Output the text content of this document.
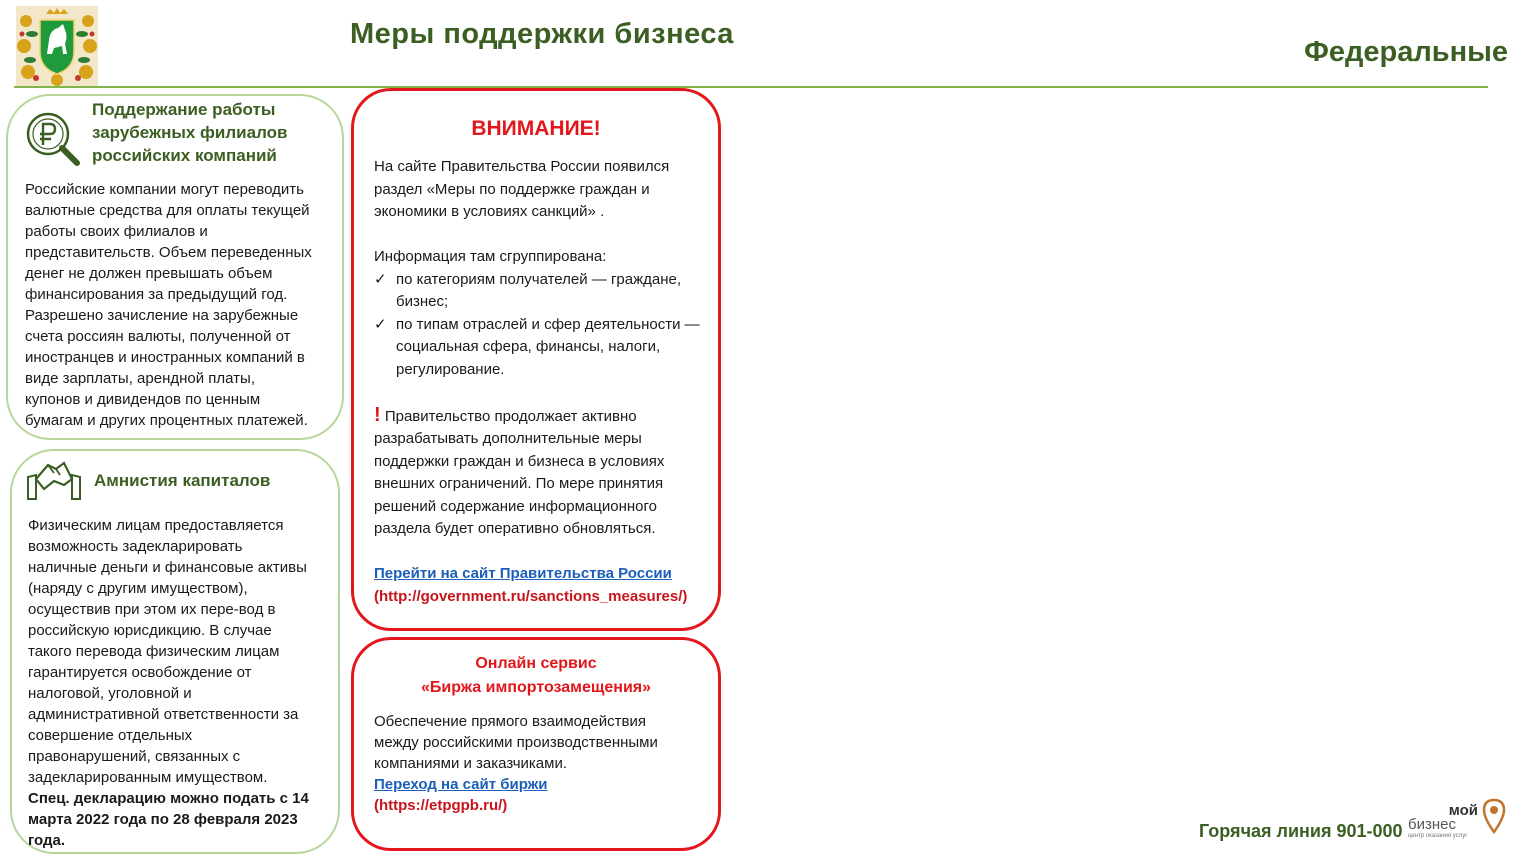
Меры поддержки бизнеса
Федеральные
Поддержание работы
зарубежных филиалов
российских компаний
Российские компании могут переводить
валютные средства для оплаты текущей
работы своих филиалов и
представительств. Объем переведенных
денег не должен превышать объем
финансирования за предыдущий год.
Разрешено зачисление на зарубежные
счета россиян валюты, полученной от
иностранцев и иностранных компаний в
виде зарплаты, арендной платы,
купонов и дивидендов по ценным
бумагам и других процентных платежей.
Амнистия капиталов
Физическим лицам предоставляется
возможность задекларировать
наличные деньги и финансовые активы
(наряду с другим имуществом),
осуществив при этом их пере-вод в
российскую юрисдикцию. В случае
такого перевода физическим лицам
гарантируется освобождение от
налоговой, уголовной и
административной ответственности за
совершение отдельных
правонарушений, связанных с
задекларированным имуществом.
Спец. декларацию можно подать с 14
марта 2022 года по 28 февраля 2023
года.
ВНИМАНИЕ!
На сайте Правительства России появился
раздел «Меры по поддержке граждан и
экономики в условиях санкций» .
Информация там сгруппирована:
✓ по категориям получателей — граждане,
бизнес;
✓ по типам отраслей и сфер деятельности —
социальная сфера, финансы, налоги,
регулирование.
! Правительство продолжает активно
разрабатывать дополнительные меры
поддержки граждан и бизнеса в условиях
внешних ограничений. По мере принятия
решений содержание информационного
раздела будет оперативно обновляться.
Перейти на сайт Правительства России
(http://government.ru/sanctions_measures/)
Онлайн сервис
«Биржа импортозамещения»
Обеспечение прямого взаимодействия
между российскими производственными
компаниями и заказчиками.
Переход на сайт биржи
(https://etpgpb.ru/)
Горячая линия 901-000
мой
бизнес
центр оказания услуг
